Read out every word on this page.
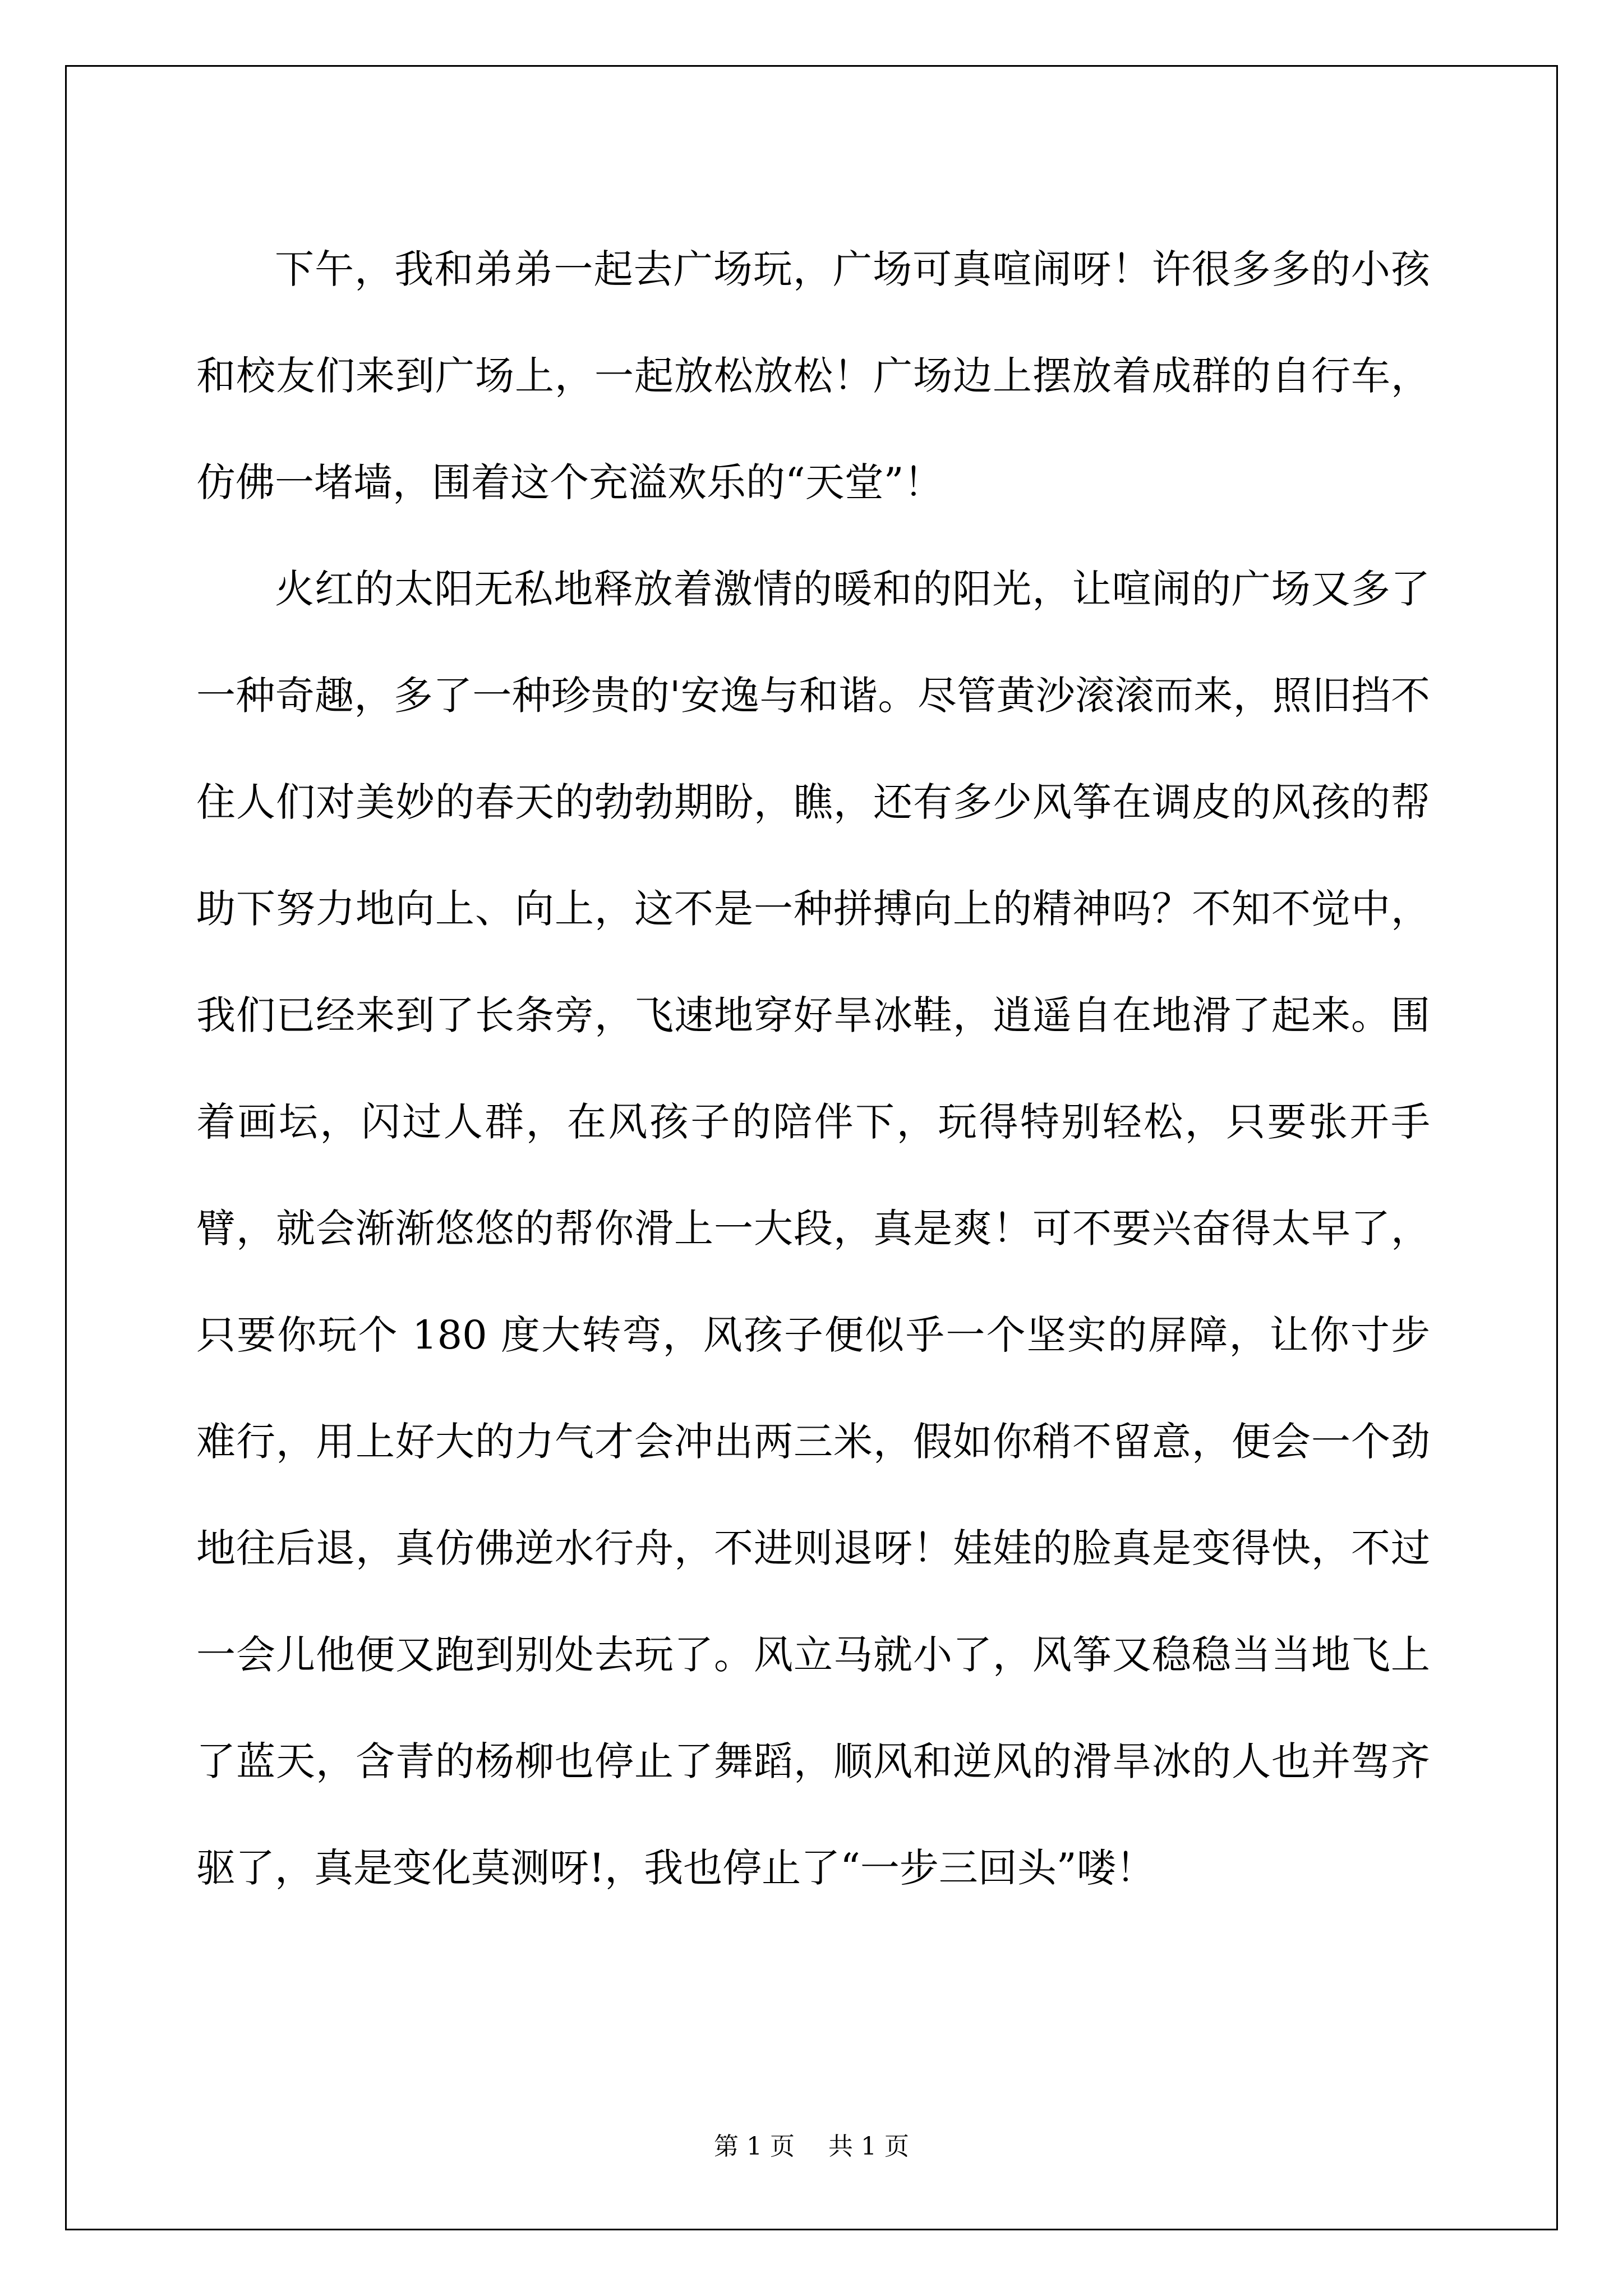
下午，我和弟弟一起去广场玩，广场可真喧闹呀！许很多多的小孩和校友们来到广场上，一起放松放松！广场边上摆放着成群的自行车，仿佛一堵墙，围着这个充溢欢乐的“天堂”！

火红的太阳无私地释放着激情的暖和的阳光，让喧闹的广场又多了一种奇趣，多了一种珍贵的'安逸与和谐。尽管黄沙滚滚而来，照旧挡不住人们对美妙的春天的勃勃期盼，瞧，还有多少风筝在调皮的风孩的帮助下努力地向上、向上，这不是一种拼搏向上的精神吗？不知不觉中，我们已经来到了长条旁，飞速地穿好旱冰鞋，逍遥自在地滑了起来。围着画坛，闪过人群，在风孩子的陪伴下，玩得特别轻松，只要张开手臂，就会渐渐悠悠的帮你滑上一大段，真是爽！可不要兴奋得太早了，只要你玩个 180 度大转弯，风孩子便似乎一个坚实的屏障，让你寸步难行，用上好大的力气才会冲出两三米，假如你稍不留意，便会一个劲地往后退，真仿佛逆水行舟，不进则退呀！娃娃的脸真是变得快，不过一会儿他便又跑到别处去玩了。风立马就小了，风筝又稳稳当当地飞上了蓝天，含青的杨柳也停止了舞蹈，顺风和逆风的滑旱冰的人也并驾齐驱了，真是变化莫测呀!，我也停止了“一步三回头”喽！

第 1 页 共 1 页
